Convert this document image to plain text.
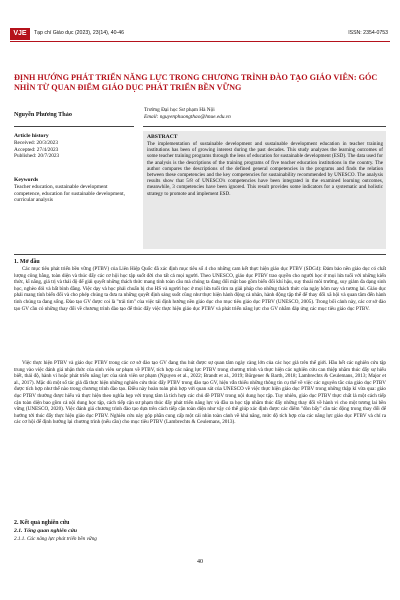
VJE	Tạp chí Giáo dục (2023), 23(14), 40-46	ISSN: 2354-0753
ĐỊNH HƯỚNG PHÁT TRIỂN NĂNG LỰC TRONG CHƯƠNG TRÌNH ĐÀO TẠO GIÁO VIÊN: GÓC NHÌN TỪ QUAN ĐIỂM GIÁO DỤC PHÁT TRIỂN BỀN VỮNG
Nguyễn Phương Thảo
Trường Đại học Sư phạm Hà Nội
Email: nguyenphuongthao@hnue.edu.vn
Article history
Received: 20/3/2023
Accepted: 27/4/2023
Published: 20/7/2023
Keywords
Teacher education, sustainable development competence, education for sustainable development, curricular analysis
ABSTRACT
The implementation of sustainable development and sustainable development education in teacher training institutions has been of growing interest during the past decades. This study analyzes the learning outcomes of some teacher training programs through the lens of education for sustainable development (ESD). The data used for the analysis is the descriptions of the training programs of five teacher education institutions in the country. The author compares the descriptions of the defined general competencies in the programs and finds the relation between these competencies and the key competencies for sustainability recommended by UNESCO. The analysis results show that 5/8 of UNESCO's competencies have been integrated in the examined learning outcomes, meanwhile, 3 competencies have been ignored. This result provides some indicators for a systematic and holistic strategy to promote and implement ESD.
1. Mở đầu
Các mục tiêu phát triển bền vững (PTBV) của Liên Hiệp Quốc đã xác định mục tiêu số 4 cho những cam kết thực hiện giáo dục PTBV (SDG4): Đảm bảo nền giáo dục có chất lượng công bằng, toàn diện và thúc đẩy các cơ hội học tập suốt đời cho tất cả mọi người. Theo UNESCO, giáo dục PTBV trao quyền cho người học ở mọi lứa tuổi với những kiến thức, kĩ năng, giá trị và thái độ để giải quyết những thách thức mang tính toàn cầu mà chúng ta đang đối mặt bao gồm biến đổi khí hậu, suy thoái môi trường, suy giảm đa dạng sinh học, nghèo đói và bất bình đẳng. Việc dạy và học phải chuẩn bị cho HS và người học ở mọi lứa tuổi tìm ra giải pháp cho những thách thức của ngày hôm nay và tương lai. Giáo dục phải mang tính biến đổi và cho phép chúng ta đưa ra những quyết định sáng suốt cũng như thực hiện hành động cá nhân, hành động tập thể để thay đổi xã hội và quan tâm đến hành tinh chúng ta đang sống. Đào tạo GV được coi là "trái tim" của việc tái định hướng nền giáo dục cho mục tiêu giáo dục PTBV (UNESCO, 2005). Trong bối cảnh này, các cơ sở đào tạo GV cần có những thay đổi về chương trình đào tạo để thúc đẩy việc thực hiện giáo dục PTBV và phát triển năng lực cho GV nhằm đáp ứng các mục tiêu giáo dục PTBV.
Việc thực hiện PTBV và giáo dục PTBV trong các cơ sở đào tạo GV đang thu hút được sự quan tâm ngày càng lớn của các học giả trên thế giới. Hầu hết các nghiên cứu tập trung vào việc đánh giá nhận thức của sinh viên sư phạm về PTBV, tích hợp các năng lực PTBV trong chương trình và thực hiện các nghiên cứu can thiệp nhằm thúc đẩy sự hiểu biết, thái độ, hành vi hoặc phát triển năng lực của sinh viên sư phạm (Nguyen et al., 2022; Brandt et al., 2019; Bürgener & Barth, 2018; Lambrechts & Ceulemans, 2013; Major et al., 2017). Mặc dù một số tác giả đã thực hiện những nghiên cứu thúc đẩy PTBV trong đào tạo GV, hiện vẫn thiếu những thông tin cụ thể về việc các nguyên tắc của giáo dục PTBV được tích hợp như thế nào trong chương trình đào tạo. Điều này hoàn toàn phù hợp với quan sát của UNESCO về việc thực hiện giáo dục PTBV trong những thập kỉ vừa qua: giáo dục PTBV thường được hiểu và thực hiện theo nghĩa hẹp với trọng tâm là tích hợp các chủ đề PTBV trong nội dung học tập. Tuy nhiên, giáo dục PTBV thực chất là một cách tiếp cận toàn diện bao gồm cả nội dung học tập, cách tiếp cận sư phạm thúc đẩy phát triển năng lực và đầu ra học tập nhằm thúc đẩy những thay đổi về hành vi cho một tương lai bền vững (UNESCO, 2020). Việc đánh giá chương trình đào tạo dựa trên cách tiếp cận toàn diện như vậy có thể giúp xác định được các điểm "đòn bẩy" cần tác động trong thay đổi để hướng tới thúc đẩy thực hiện giáo dục PTBV. Nghiên cứu này góp phần cung cấp một cái nhìn toàn cảnh về khả năng, mức độ tích hợp của các năng lực giáo dục PTBV và chỉ ra các cơ hội để định hướng lại chương trình (nếu cần) cho mục tiêu PTBV (Lambrechts & Ceulemans, 2013).
2. Kết quả nghiên cứu
2.1. Tổng quan nghiên cứu
2.1.1. Các năng lực phát triển bền vững
40
